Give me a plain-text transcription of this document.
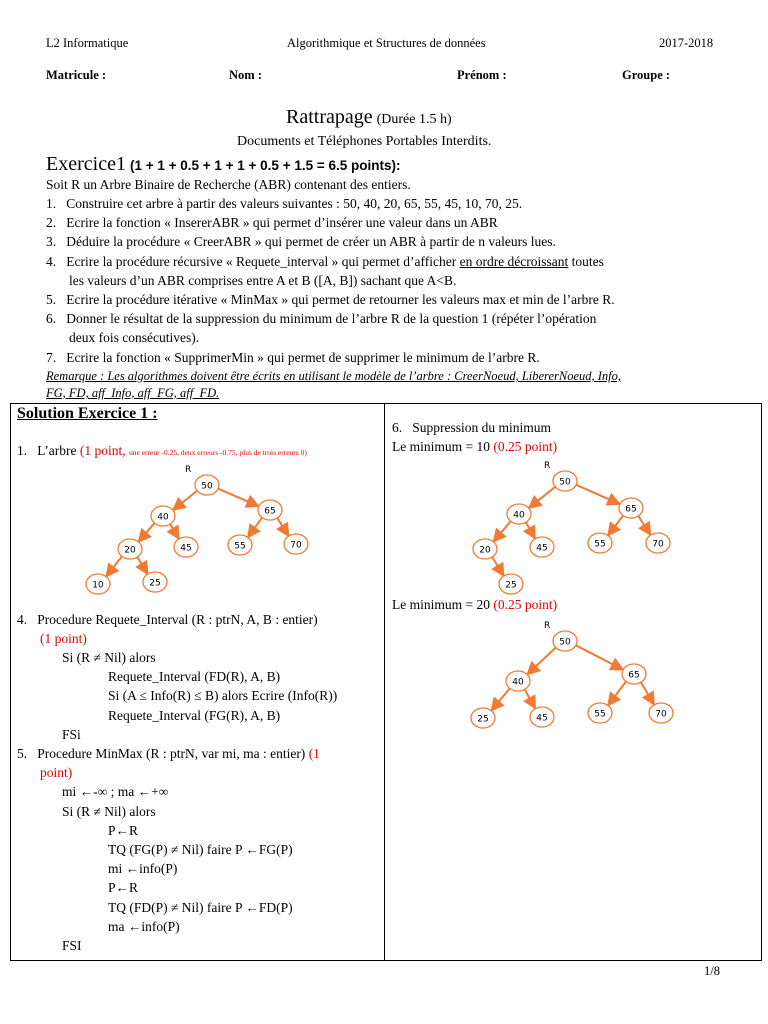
L2 Informatique	Algorithmique et Structures de données	2017-2018
Matricule :	Nom :	Prénom :	Groupe :
Rattrapage (Durée 1.5 h)
Documents et Téléphones Portables Interdits.
Exercice1 (1 + 1 + 0.5 + 1 + 1 + 0.5 + 1.5 = 6.5 points):
Soit R un Arbre Binaire de Recherche (ABR) contenant des entiers.
1.   Construire cet arbre à partir des valeurs suivantes : 50, 40, 20, 65, 55, 45, 10, 70, 25.
2.   Ecrire la fonction « InsererABR » qui permet d’insérer une valeur dans un ABR
3.   Déduire la procédure « CreerABR » qui permet de créer un ABR à partir de n valeurs lues.
4.   Ecrire la procédure récursive « Requete_interval » qui permet d’afficher en ordre décroissant toutes
les valeurs d’un ABR comprises entre A et B ([A, B]) sachant que A<B.
5.   Ecrire la procédure itérative « MinMax » qui permet de retourner les valeurs max et min de l’arbre R.
6.   Donner le résultat de la suppression du minimum de l’arbre R de la question 1 (répéter l’opération
deux fois consécutives).
7.   Ecrire la fonction « SupprimerMin » qui permet de supprimer le minimum de l’arbre R.
Remarque : Les algorithmes doivent être écrits en utilisant le modèle de l’arbre : CreerNoeud, LibererNoeud, Info,
FG, FD, aff_Info, aff_FG, aff_FD.
Solution Exercice 1 :
1.   L’arbre (1 point, une erreur -0.25, deux erreurs -0.75, plus de trois erreurs 0)
50
40
65
20	45	55	70
10	25
R
4.   Procedure Requete_Interval (R : ptrN, A, B : entier)
(1 point)
Si (R ≠ Nil) alors
Requete_Interval (FD(R), A, B)
Si (A ≤ Info(R) ≤ B) alors Ecrire (Info(R))
Requete_Interval (FG(R), A, B)
FSi
5.   Procedure MinMax (R : ptrN, var mi, ma : entier) (1
point)
mi ←-∞ ; ma ←+∞
Si (R ≠ Nil) alors
P←R
TQ (FG(P) ≠ Nil) faire P ←FG(P)
mi ←info(P)
P←R
TQ (FD(P) ≠ Nil) faire P ←FD(P)
ma ←info(P)
FSI
6.   Suppression du minimum
Le minimum = 10 (0.25 point)
50
40
65
20	45	55	70
25
R
Le minimum = 20 (0.25 point)
50
40
65
25	45	55	70
R
1/8
